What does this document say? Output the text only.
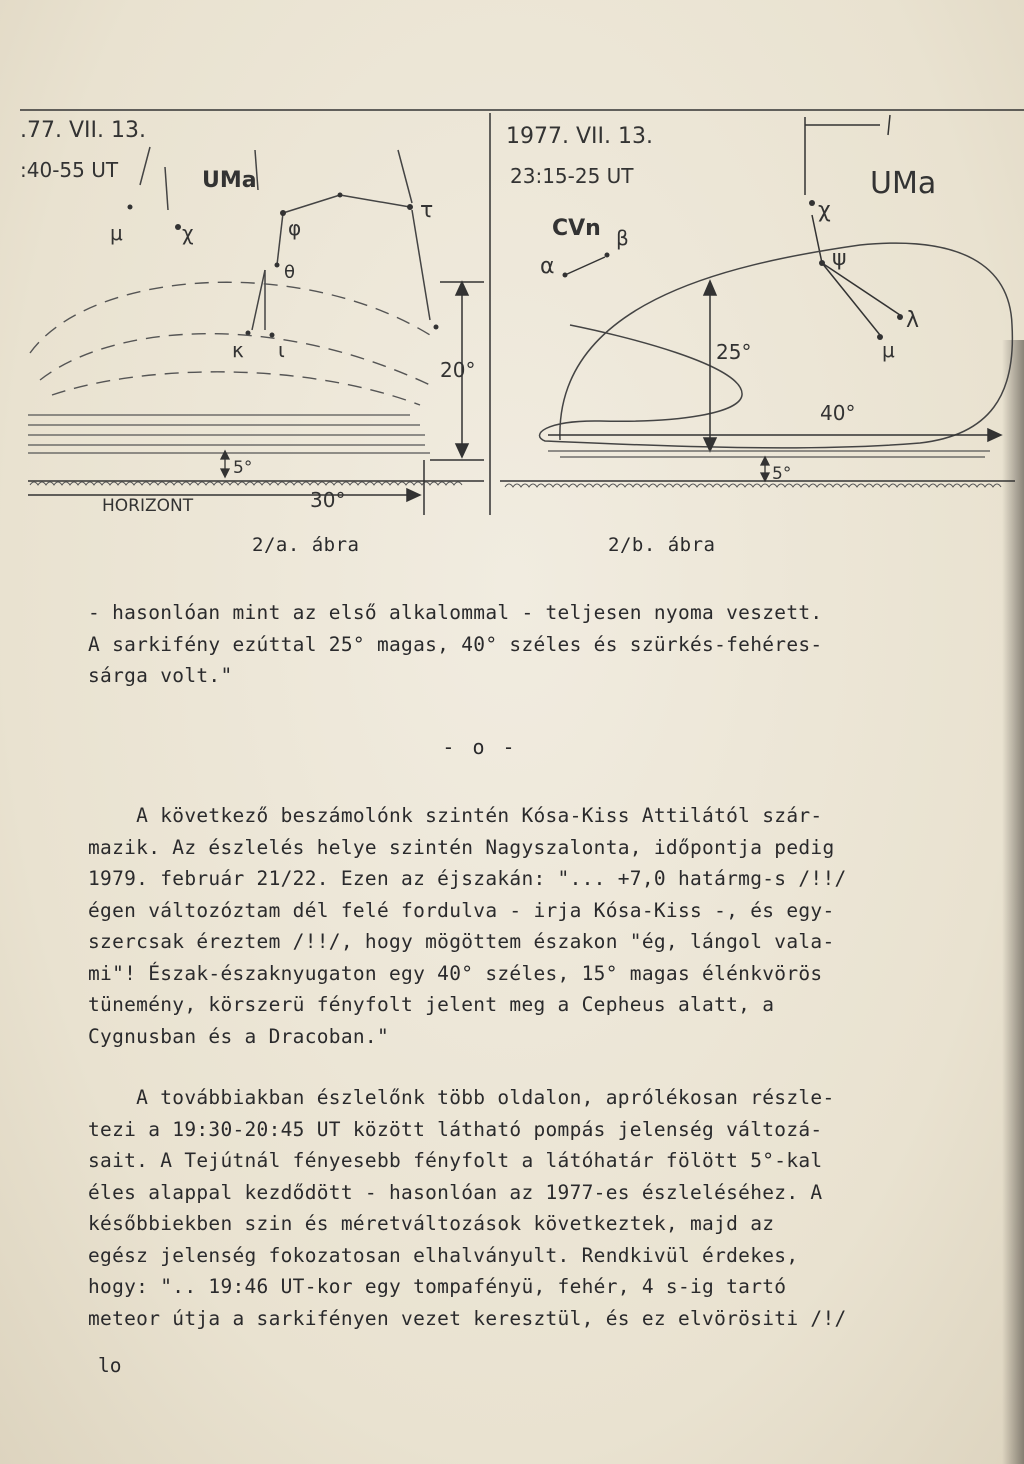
.77. VII. 13.
:40-55 UT	UMa
μ	χ	φ
θ
τ
κ ι
20°
5°
HORIZONT	30°
1977. VII. 13.
23:15-25 UT	UMa
CVn
χ
ψ
λ
μ
α
β
25°
40°
5°
2/a. ábra	2/b. ábra

- hasonlóan mint az első alkalommal - teljesen nyoma veszett.

A sarkifény ezúttal 25° magas, 40° széles és szürkés-fehéres-

sárga volt."

- o -

A következő beszámolónk szintén Kósa-Kiss Attilától szár-

mazik. Az észlelés helye szintén Nagyszalonta, időpontja pedig

1979. február 21/22. Ezen az éjszakán: "... +7,0 határmg-s /!!/

égen változóztam dél felé fordulva - irja Kósa-Kiss -, és egy-

szercsak éreztem /!!/, hogy mögöttem északon "ég, lángol vala-

mi"! Észak-északnyugaton egy 40° széles, 15° magas élénkvörös

tünemény, körszerü fényfolt jelent meg a Cepheus alatt, a

Cygnusban és a Dracoban."

A továbbiakban észlelőnk több oldalon, aprólékosan részle-

tezi a 19:30-20:45 UT között látható pompás jelenség változá-

sait. A Tejútnál fényesebb fényfolt a látóhatár fölött 5°-kal

éles alappal kezdődött - hasonlóan az 1977-es észleléséhez. A

későbbiekben szin és méretváltozások következtek, majd az

egész jelenség fokozatosan elhalványult. Rendkivül érdekes,

hogy: ".. 19:46 UT-kor egy tompafényü, fehér, 4 s-ig tartó

meteor útja a sarkifényen vezet keresztül, és ez elvörösiti /!/

lo
